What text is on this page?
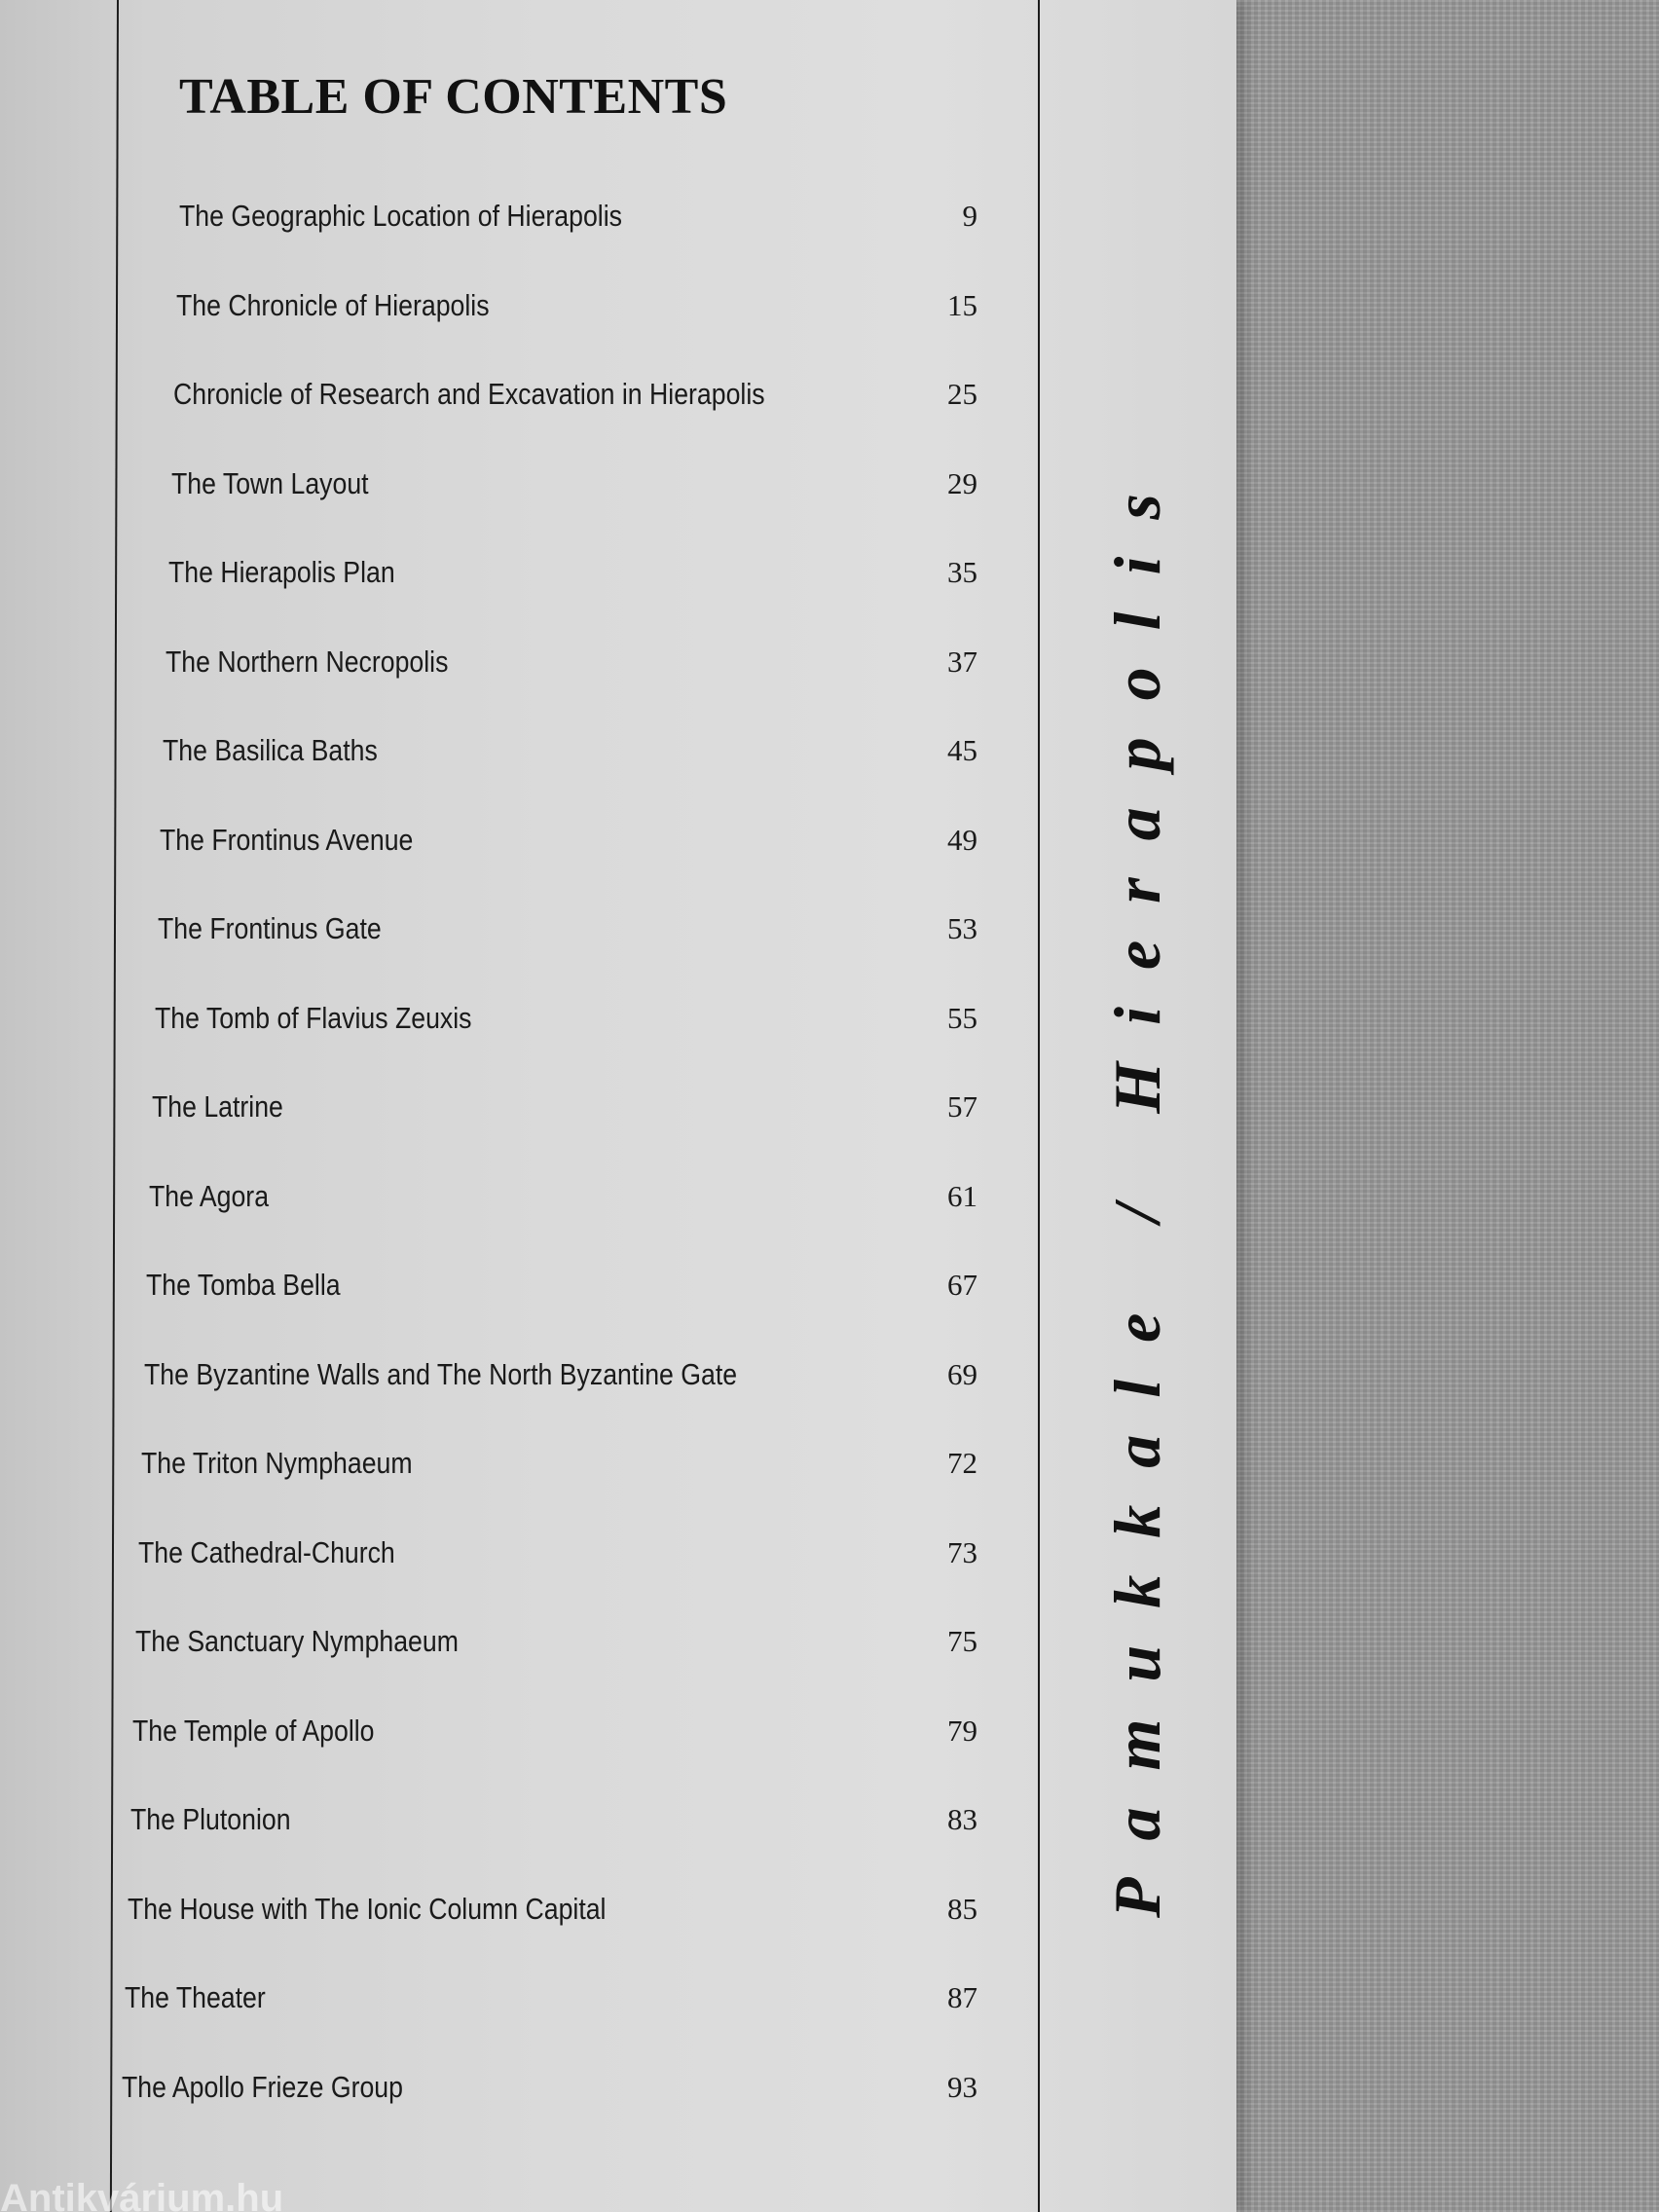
TABLE OF CONTENTS
The Geographic Location of Hierapolis	9
The Chronicle of Hierapolis	15
Chronicle of Research and Excavation in Hierapolis	25
The Town Layout	29
The Hierapolis Plan	35
The Northern Necropolis	37
The Basilica Baths	45
The Frontinus Avenue	49
The Frontinus Gate	53
The Tomb of Flavius Zeuxis	55
The Latrine	57
The Agora	61
The Tomba Bella	67
The Byzantine Walls and The North Byzantine Gate	69
The Triton Nymphaeum	72
The Cathedral-Church	73
The Sanctuary Nymphaeum	75
The Temple of Apollo	79
The Plutonion	83
The House with The Ionic Column Capital	85
The Theater	87
The Apollo Frieze Group	93
Pamukkale / Hierapolis
Antikvárium.hu
